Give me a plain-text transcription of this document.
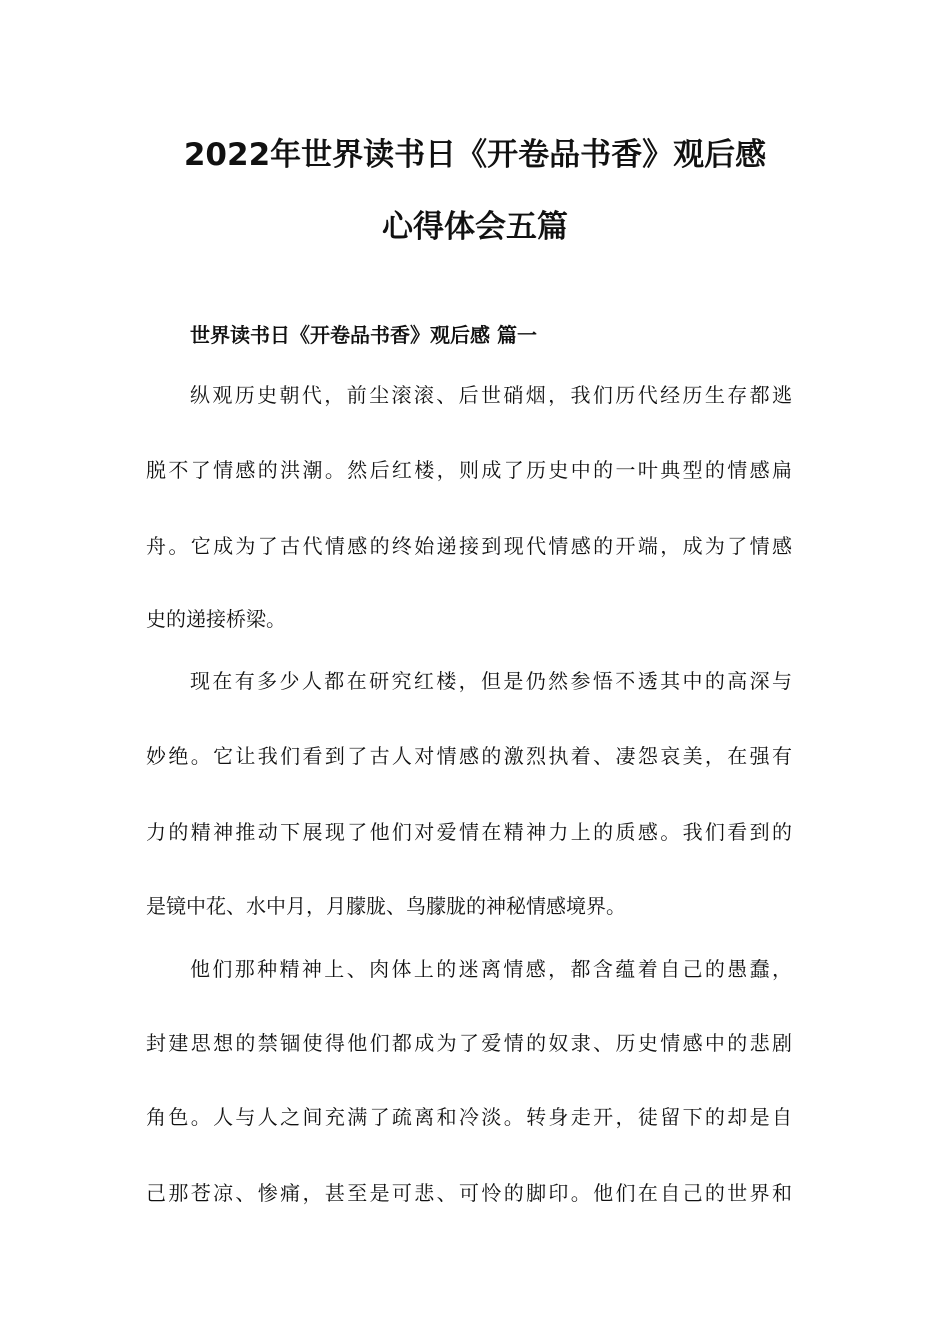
2022年世界读书日《开卷品书香》观后感
心得体会五篇
世界读书日《开卷品书香》观后感 篇一
纵观历史朝代，前尘滚滚、后世硝烟，我们历代经历生存都逃
脱不了情感的洪潮。然后红楼，则成了历史中的一叶典型的情感扁
舟。它成为了古代情感的终始递接到现代情感的开端，成为了情感
史的递接桥梁。
现在有多少人都在研究红楼，但是仍然参悟不透其中的高深与
妙绝。它让我们看到了古人对情感的激烈执着、凄怨哀美，在强有
力的精神推动下展现了他们对爱情在精神力上的质感。我们看到的
是镜中花、水中月，月朦胧、鸟朦胧的神秘情感境界。
他们那种精神上、肉体上的迷离情感，都含蕴着自己的愚蠢，
封建思想的禁锢使得他们都成为了爱情的奴隶、历史情感中的悲剧
角色。人与人之间充满了疏离和冷淡。转身走开，徒留下的却是自
己那苍凉、惨痛，甚至是可悲、可怜的脚印。他们在自己的世界和
